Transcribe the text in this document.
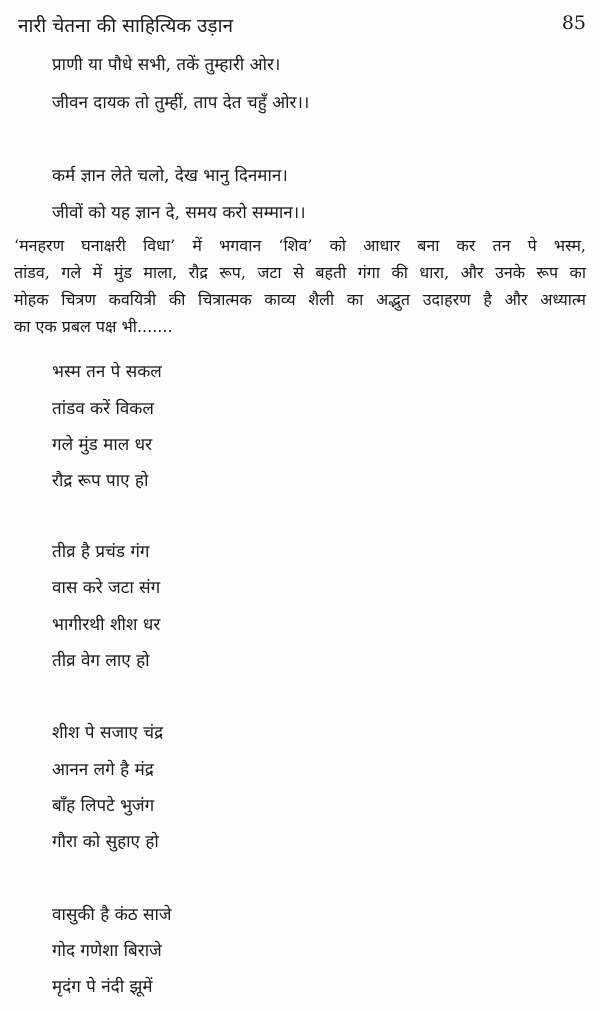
नारी चेतना की साहित्यिक उड़ान	85
प्राणी या पौधे सभी, तकें तुम्हारी ओर।
जीवन दायक तो तुम्हीं, ताप देत चहुँ ओर।।
कर्म ज्ञान लेते चलो, देख भानु दिनमान।
जीवों को यह ज्ञान दे, समय करो सम्मान।।
‘मनहरण घनाक्षरी विधा’ में भगवान ‘शिव’ को आधार बना कर तन पे भस्म,
तांडव, गले में मुंड माला, रौद्र रूप, जटा से बहती गंगा की धारा, और उनके रूप का
मोहक चित्रण कवयित्री की चित्रात्मक काव्य शैली का अद्भुत उदाहरण है और अध्यात्म
का एक प्रबल पक्ष भी.......
भस्म तन पे सकल
तांडव करें विकल
गले मुंड माल धर
रौद्र रूप पाए हो
तीव्र है प्रचंड गंग
वास करे जटा संग
भागीरथी शीश धर
तीव्र वेग लाए हो
शीश पे सजाए चंद्र
आनन लगे है मंद्र
बाँह लिपटे भुजंग
गौरा को सुहाए हो
वासुकी है कंठ साजे
गोद गणेशा बिराजे
मृदंग पे नंदी झूमें
